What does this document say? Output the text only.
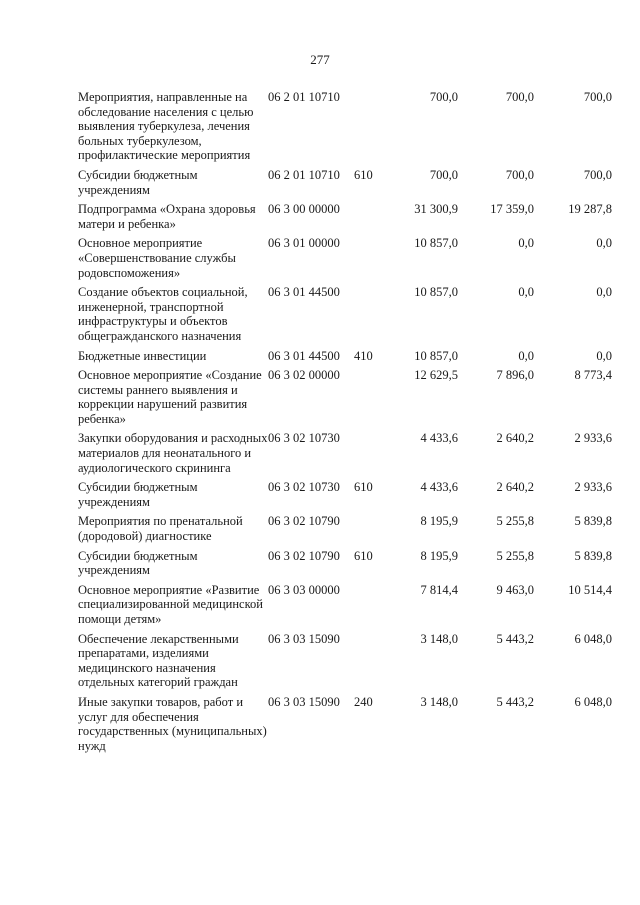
277
Мероприятия, направленные на обследование населения с целью выявления туберкулеза, лечения больных туберкулезом, профилактические мероприятия	06 2 01 10710		700,0	700,0	700,0
Субсидии бюджетным учреждениям	06 2 01 10710	610	700,0	700,0	700,0
Подпрограмма «Охрана здоровья матери и ребенка»	06 3 00 00000		31 300,9	17 359,0	19 287,8
Основное мероприятие «Совершенствование службы родовспоможения»	06 3 01 00000		10 857,0	0,0	0,0
Создание объектов социальной, инженерной, транспортной инфраструктуры и объектов общегражданского назначения	06 3 01 44500		10 857,0	0,0	0,0
Бюджетные инвестиции	06 3 01 44500	410	10 857,0	0,0	0,0
Основное мероприятие «Создание системы раннего выявления и коррекции нарушений развития ребенка»	06 3 02 00000		12 629,5	7 896,0	8 773,4
Закупки оборудования и расходных материалов для неонатального и аудиологического скрининга	06 3 02 10730		4 433,6	2 640,2	2 933,6
Субсидии бюджетным учреждениям	06 3 02 10730	610	4 433,6	2 640,2	2 933,6
Мероприятия по пренатальной (дородовой) диагностике	06 3 02 10790		8 195,9	5 255,8	5 839,8
Субсидии бюджетным учреждениям	06 3 02 10790	610	8 195,9	5 255,8	5 839,8
Основное мероприятие «Развитие специализированной медицинской помощи детям»	06 3 03 00000		7 814,4	9 463,0	10 514,4
Обеспечение лекарственными препаратами, изделиями медицинского назначения отдельных категорий граждан	06 3 03 15090		3 148,0	5 443,2	6 048,0
Иные закупки товаров, работ и услуг для обеспечения государственных (муниципальных) нужд	06 3 03 15090	240	3 148,0	5 443,2	6 048,0
